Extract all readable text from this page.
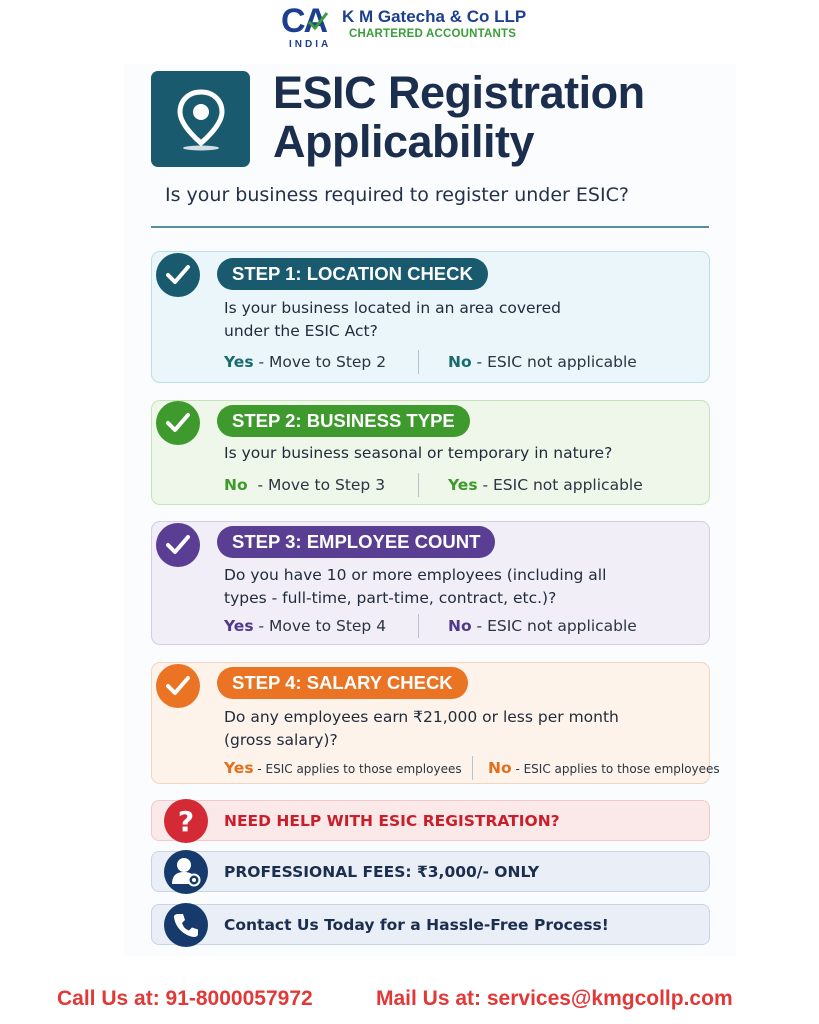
CA
INDIA
K M Gatecha & Co LLP
CHARTERED ACCOUNTANTS
ESIC Registration
Applicability
Is your business required to register under ESIC?
STEP 1: LOCATION CHECK
Is your business located in an area covered
under the ESIC Act?
Yes - Move to Step 2	No - ESIC not applicable
STEP 2: BUSINESS TYPE
Is your business seasonal or temporary in nature?
No  - Move to Step 3	Yes - ESIC not applicable
STEP 3: EMPLOYEE COUNT
Do you have 10 or more employees (including all
types - full-time, part-time, contract, etc.)?
Yes - Move to Step 4	No - ESIC not applicable
STEP 4: SALARY CHECK
Do any employees earn ₹21,000 or less per month
(gross salary)?
Yes - ESIC applies to those employees No - ESIC applies to those employees
? NEED HELP WITH ESIC REGISTRATION?
PROFESSIONAL FEES: ₹3,000/- ONLY
Contact Us Today for a Hassle-Free Process!
Call Us at: 91-8000057972	Mail Us at: services@kmgcollp.com
